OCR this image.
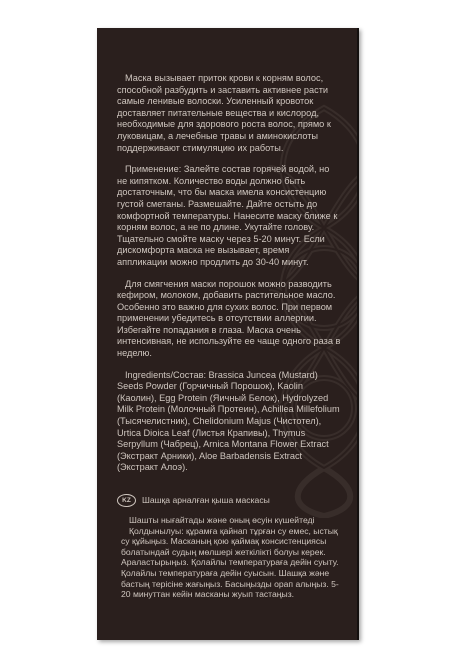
Маска вызывает приток крови к корням волос, способной разбудить и заставить активнее расти самые ленивые волоски. Усиленный кровоток доставляет питательные вещества и кислород, необходимые для здорового роста волос, прямо к луковицам, а лечебные травы и аминокислоты поддерживают стимуляцию их работы.

Применение: Залейте состав горячей водой, но не кипятком. Количество воды должно быть достаточным, что бы маска имела консистенцию густой сметаны. Размешайте. Дайте остыть до комфортной температуры. Нанесите маску ближе к корням волос, а не по длине. Укутайте голову. Тщательно смойте маску через 5-20 минут. Если дискомфорта маска не вызывает, время аппликации можно продлить до 30-40 минут.

Для смягчения маски порошок можно разводить кефиром, молоком, добавить растительное масло. Особенно это важно для сухих волос. При первом применении убедитесь в отсутствии аллергии. Избегайте попадания в глаза. Маска очень интенсивная, не используйте ее чаще одного раза в неделю.

Ingredients/Состав: Brassica Juncea (Mustard) Seeds Powder (Горчичный Порошок), Kaolin (Каолин), Egg Protein (Яичный Белок), Hydrolyzed Milk Protein (Молочный Протеин), Achillea Millefolium (Тысячелистник), Chelidonium Majus (Чистотел), Urtica Dioica Leaf (Листья Крапивы), Thymus Serpyllum (Чабрец), Arnica Montana Flower Extract (Экстракт Арники), Aloe Barbadensis Extract (Экстракт Алоэ).

KZ	Шашқа арналған қыша маскасы

Шашты нығайтады және оның өсуін күшейтеді

Қолдынылуы: құрамға қайнап тұрған су емес, ыстық су құйыңыз. Масканың қою қаймақ консистенциясы болатындай судың мөлшері жеткілікті болуы керек. Араластырыңыз. Қолайлы температураға дейін суыту. Қолайлы температураға дейін суысын. Шашқа және бастың терісіне жағыңыз. Басыңызды орап алыңыз. 5-20 минуттан кейін масканы жуып тастаңыз.
